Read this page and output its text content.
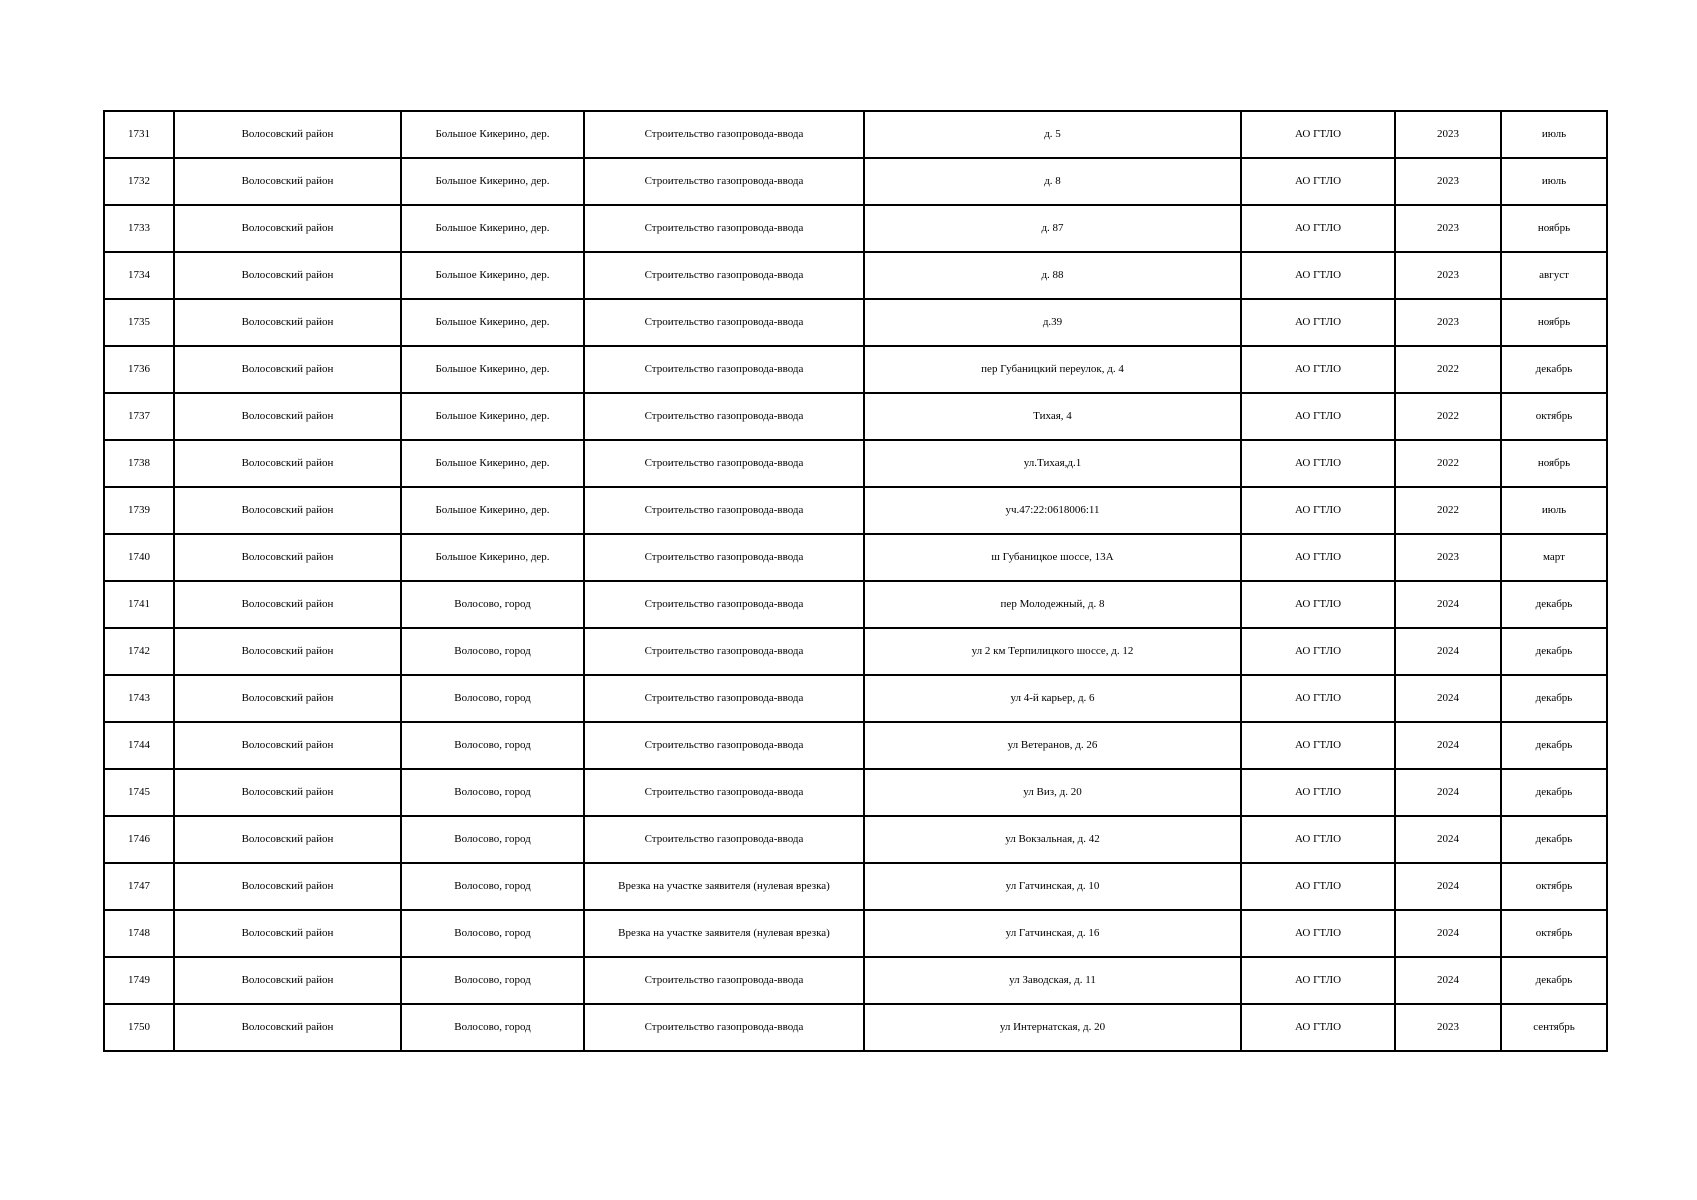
1731	Волосовский район	Большое Кикерино, дер.	Строительство газопровода-ввода	д. 5	АО ГТЛО	2023	июль
1732	Волосовский район	Большое Кикерино, дер.	Строительство газопровода-ввода	д. 8	АО ГТЛО	2023	июль
1733	Волосовский район	Большое Кикерино, дер.	Строительство газопровода-ввода	д. 87	АО ГТЛО	2023	ноябрь
1734	Волосовский район	Большое Кикерино, дер.	Строительство газопровода-ввода	д. 88	АО ГТЛО	2023	август
1735	Волосовский район	Большое Кикерино, дер.	Строительство газопровода-ввода	д.39	АО ГТЛО	2023	ноябрь
1736	Волосовский район	Большое Кикерино, дер.	Строительство газопровода-ввода	пер Губаницкий переулок, д. 4	АО ГТЛО	2022	декабрь
1737	Волосовский район	Большое Кикерино, дер.	Строительство газопровода-ввода	Тихая, 4	АО ГТЛО	2022	октябрь
1738	Волосовский район	Большое Кикерино, дер.	Строительство газопровода-ввода	ул.Тихая,д.1	АО ГТЛО	2022	ноябрь
1739	Волосовский район	Большое Кикерино, дер.	Строительство газопровода-ввода	уч.47:22:0618006:11	АО ГТЛО	2022	июль
1740	Волосовский район	Большое Кикерино, дер.	Строительство газопровода-ввода	ш Губаницкое шоссе, 13А	АО ГТЛО	2023	март
1741	Волосовский район	Волосово, город	Строительство газопровода-ввода	пер Молодежный, д. 8	АО ГТЛО	2024	декабрь
1742	Волосовский район	Волосово, город	Строительство газопровода-ввода	ул 2 км Терпилицкого шоссе, д. 12	АО ГТЛО	2024	декабрь
1743	Волосовский район	Волосово, город	Строительство газопровода-ввода	ул 4-й карьер, д. 6	АО ГТЛО	2024	декабрь
1744	Волосовский район	Волосово, город	Строительство газопровода-ввода	ул Ветеранов, д. 26	АО ГТЛО	2024	декабрь
1745	Волосовский район	Волосово, город	Строительство газопровода-ввода	ул Виз, д. 20	АО ГТЛО	2024	декабрь
1746	Волосовский район	Волосово, город	Строительство газопровода-ввода	ул Вокзальная, д. 42	АО ГТЛО	2024	декабрь
1747	Волосовский район	Волосово, город	Врезка на участке заявителя (нулевая врезка)	ул Гатчинская, д. 10	АО ГТЛО	2024	октябрь
1748	Волосовский район	Волосово, город	Врезка на участке заявителя (нулевая врезка)	ул Гатчинская, д. 16	АО ГТЛО	2024	октябрь
1749	Волосовский район	Волосово, город	Строительство газопровода-ввода	ул Заводская, д. 11	АО ГТЛО	2024	декабрь
1750	Волосовский район	Волосово, город	Строительство газопровода-ввода	ул Интернатская, д. 20	АО ГТЛО	2023	сентябрь
